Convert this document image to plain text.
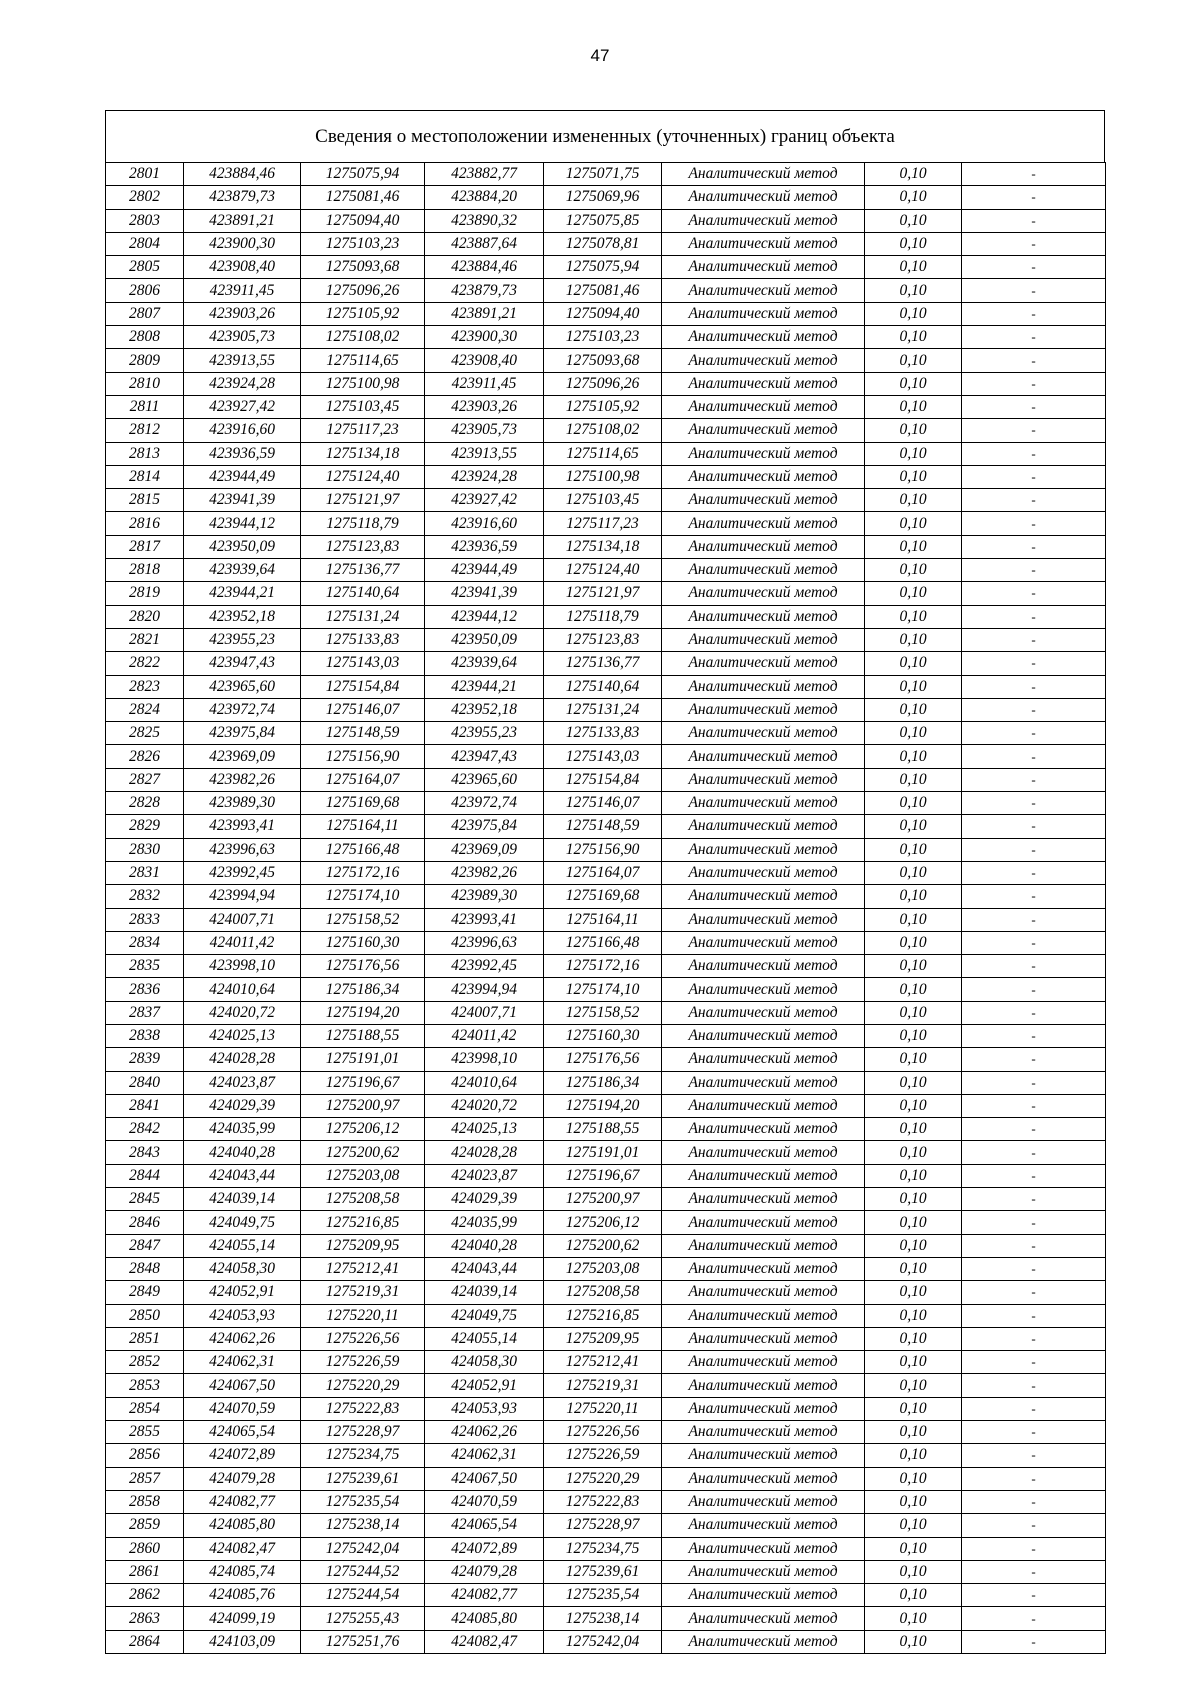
47
Сведения о местоположении измененных (уточненных) границ объекта
2801	423884,46	1275075,94	423882,77	1275071,75	Аналитический метод	0,10	-
2802	423879,73	1275081,46	423884,20	1275069,96	Аналитический метод	0,10	-
2803	423891,21	1275094,40	423890,32	1275075,85	Аналитический метод	0,10	-
2804	423900,30	1275103,23	423887,64	1275078,81	Аналитический метод	0,10	-
2805	423908,40	1275093,68	423884,46	1275075,94	Аналитический метод	0,10	-
2806	423911,45	1275096,26	423879,73	1275081,46	Аналитический метод	0,10	-
2807	423903,26	1275105,92	423891,21	1275094,40	Аналитический метод	0,10	-
2808	423905,73	1275108,02	423900,30	1275103,23	Аналитический метод	0,10	-
2809	423913,55	1275114,65	423908,40	1275093,68	Аналитический метод	0,10	-
2810	423924,28	1275100,98	423911,45	1275096,26	Аналитический метод	0,10	-
2811	423927,42	1275103,45	423903,26	1275105,92	Аналитический метод	0,10	-
2812	423916,60	1275117,23	423905,73	1275108,02	Аналитический метод	0,10	-
2813	423936,59	1275134,18	423913,55	1275114,65	Аналитический метод	0,10	-
2814	423944,49	1275124,40	423924,28	1275100,98	Аналитический метод	0,10	-
2815	423941,39	1275121,97	423927,42	1275103,45	Аналитический метод	0,10	-
2816	423944,12	1275118,79	423916,60	1275117,23	Аналитический метод	0,10	-
2817	423950,09	1275123,83	423936,59	1275134,18	Аналитический метод	0,10	-
2818	423939,64	1275136,77	423944,49	1275124,40	Аналитический метод	0,10	-
2819	423944,21	1275140,64	423941,39	1275121,97	Аналитический метод	0,10	-
2820	423952,18	1275131,24	423944,12	1275118,79	Аналитический метод	0,10	-
2821	423955,23	1275133,83	423950,09	1275123,83	Аналитический метод	0,10	-
2822	423947,43	1275143,03	423939,64	1275136,77	Аналитический метод	0,10	-
2823	423965,60	1275154,84	423944,21	1275140,64	Аналитический метод	0,10	-
2824	423972,74	1275146,07	423952,18	1275131,24	Аналитический метод	0,10	-
2825	423975,84	1275148,59	423955,23	1275133,83	Аналитический метод	0,10	-
2826	423969,09	1275156,90	423947,43	1275143,03	Аналитический метод	0,10	-
2827	423982,26	1275164,07	423965,60	1275154,84	Аналитический метод	0,10	-
2828	423989,30	1275169,68	423972,74	1275146,07	Аналитический метод	0,10	-
2829	423993,41	1275164,11	423975,84	1275148,59	Аналитический метод	0,10	-
2830	423996,63	1275166,48	423969,09	1275156,90	Аналитический метод	0,10	-
2831	423992,45	1275172,16	423982,26	1275164,07	Аналитический метод	0,10	-
2832	423994,94	1275174,10	423989,30	1275169,68	Аналитический метод	0,10	-
2833	424007,71	1275158,52	423993,41	1275164,11	Аналитический метод	0,10	-
2834	424011,42	1275160,30	423996,63	1275166,48	Аналитический метод	0,10	-
2835	423998,10	1275176,56	423992,45	1275172,16	Аналитический метод	0,10	-
2836	424010,64	1275186,34	423994,94	1275174,10	Аналитический метод	0,10	-
2837	424020,72	1275194,20	424007,71	1275158,52	Аналитический метод	0,10	-
2838	424025,13	1275188,55	424011,42	1275160,30	Аналитический метод	0,10	-
2839	424028,28	1275191,01	423998,10	1275176,56	Аналитический метод	0,10	-
2840	424023,87	1275196,67	424010,64	1275186,34	Аналитический метод	0,10	-
2841	424029,39	1275200,97	424020,72	1275194,20	Аналитический метод	0,10	-
2842	424035,99	1275206,12	424025,13	1275188,55	Аналитический метод	0,10	-
2843	424040,28	1275200,62	424028,28	1275191,01	Аналитический метод	0,10	-
2844	424043,44	1275203,08	424023,87	1275196,67	Аналитический метод	0,10	-
2845	424039,14	1275208,58	424029,39	1275200,97	Аналитический метод	0,10	-
2846	424049,75	1275216,85	424035,99	1275206,12	Аналитический метод	0,10	-
2847	424055,14	1275209,95	424040,28	1275200,62	Аналитический метод	0,10	-
2848	424058,30	1275212,41	424043,44	1275203,08	Аналитический метод	0,10	-
2849	424052,91	1275219,31	424039,14	1275208,58	Аналитический метод	0,10	-
2850	424053,93	1275220,11	424049,75	1275216,85	Аналитический метод	0,10	-
2851	424062,26	1275226,56	424055,14	1275209,95	Аналитический метод	0,10	-
2852	424062,31	1275226,59	424058,30	1275212,41	Аналитический метод	0,10	-
2853	424067,50	1275220,29	424052,91	1275219,31	Аналитический метод	0,10	-
2854	424070,59	1275222,83	424053,93	1275220,11	Аналитический метод	0,10	-
2855	424065,54	1275228,97	424062,26	1275226,56	Аналитический метод	0,10	-
2856	424072,89	1275234,75	424062,31	1275226,59	Аналитический метод	0,10	-
2857	424079,28	1275239,61	424067,50	1275220,29	Аналитический метод	0,10	-
2858	424082,77	1275235,54	424070,59	1275222,83	Аналитический метод	0,10	-
2859	424085,80	1275238,14	424065,54	1275228,97	Аналитический метод	0,10	-
2860	424082,47	1275242,04	424072,89	1275234,75	Аналитический метод	0,10	-
2861	424085,74	1275244,52	424079,28	1275239,61	Аналитический метод	0,10	-
2862	424085,76	1275244,54	424082,77	1275235,54	Аналитический метод	0,10	-
2863	424099,19	1275255,43	424085,80	1275238,14	Аналитический метод	0,10	-
2864	424103,09	1275251,76	424082,47	1275242,04	Аналитический метод	0,10	-
